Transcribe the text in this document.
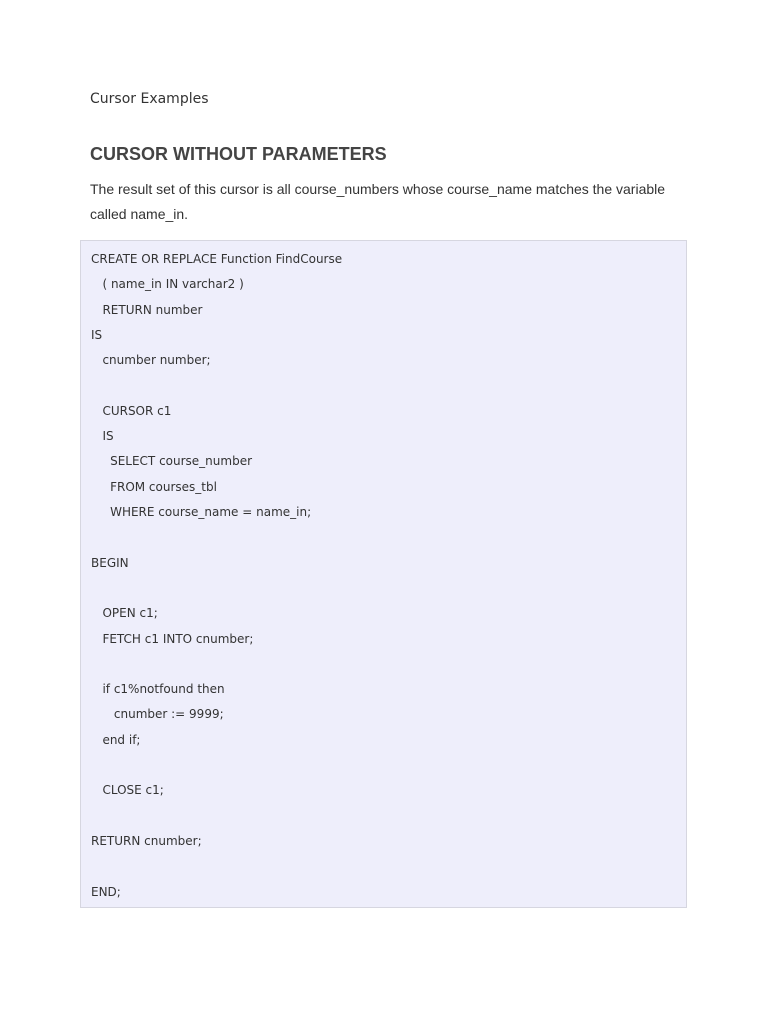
Cursor Examples
CURSOR WITHOUT PARAMETERS
The result set of this cursor is all course_numbers whose course_name matches the variable called name_in.
CREATE OR REPLACE Function FindCourse
( name_in IN varchar2 )
RETURN number
IS
cnumber number;
CURSOR c1
IS
SELECT course_number
FROM courses_tbl
WHERE course_name = name_in;
BEGIN
OPEN c1;
FETCH c1 INTO cnumber;
if c1%notfound then
cnumber := 9999;
end if;
CLOSE c1;
RETURN cnumber;
END;
